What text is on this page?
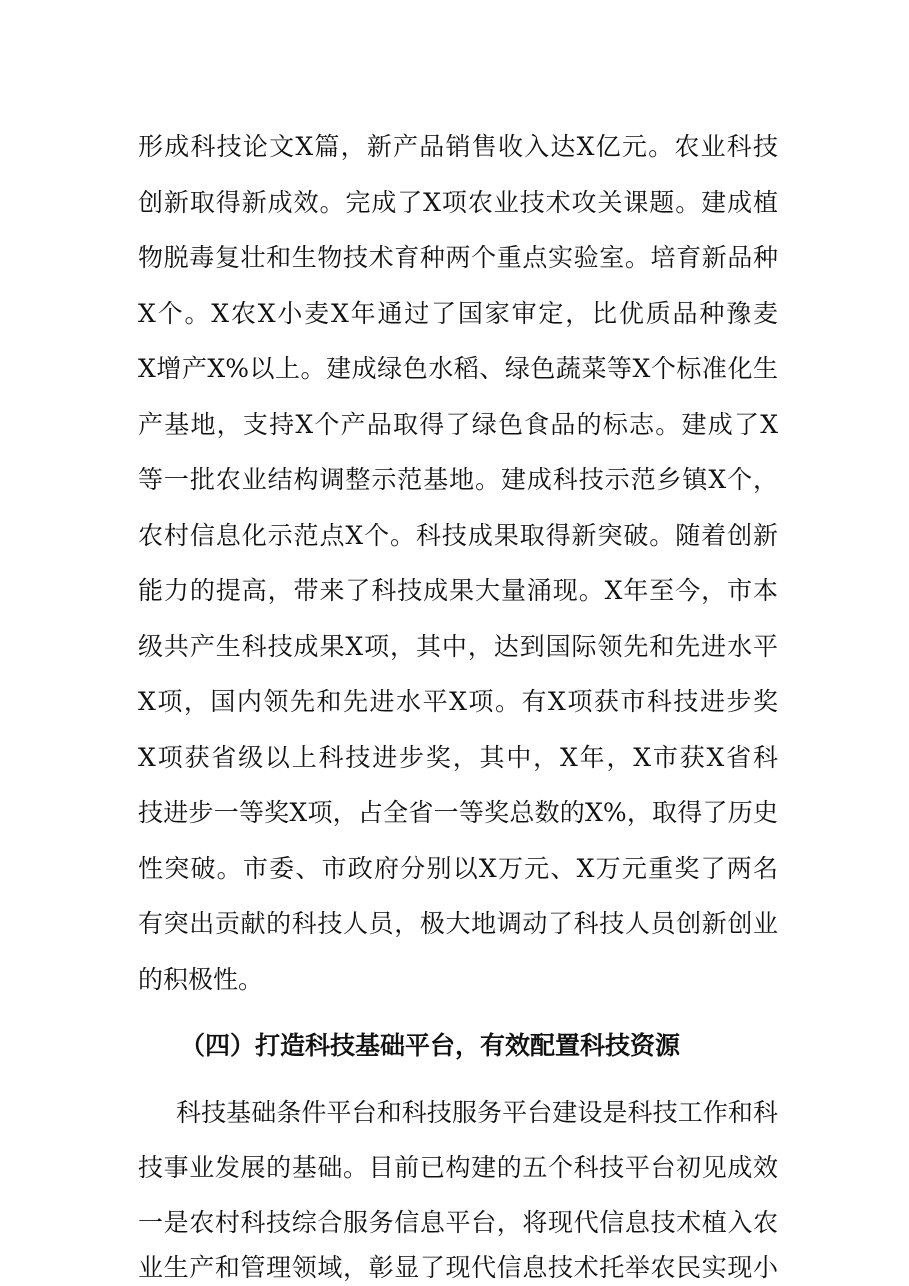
形成科技论文X篇，新产品销售收入达X亿元。农业科技
创新取得新成效。完成了X项农业技术攻关课题。建成植
物脱毒复壮和生物技术育种两个重点实验室。培育新品种
X个。X农X小麦X年通过了国家审定，比优质品种豫麦
X增产X%以上。建成绿色水稻、绿色蔬菜等X个标准化生
产基地，支持X个产品取得了绿色食品的标志。建成了X
等一批农业结构调整示范基地。建成科技示范乡镇X个，
农村信息化示范点X个。科技成果取得新突破。随着创新
能力的提高，带来了科技成果大量涌现。X年至今，市本
级共产生科技成果X项，其中，达到国际领先和先进水平
X项，国内领先和先进水平X项。有X项获市科技进步奖
X项获省级以上科技进步奖，其中，X年，X市获X省科
技进步一等奖X项，占全省一等奖总数的X%，取得了历史
性突破。市委、市政府分别以X万元、X万元重奖了两名
有突出贡献的科技人员，极大地调动了科技人员创新创业
的积极性。
（四）打造科技基础平台，有效配置科技资源
科技基础条件平台和科技服务平台建设是科技工作和科
技事业发展的基础。目前已构建的五个科技平台初见成效
一是农村科技综合服务信息平台，将现代信息技术植入农
业生产和管理领域，彰显了现代信息技术托举农民实现小
